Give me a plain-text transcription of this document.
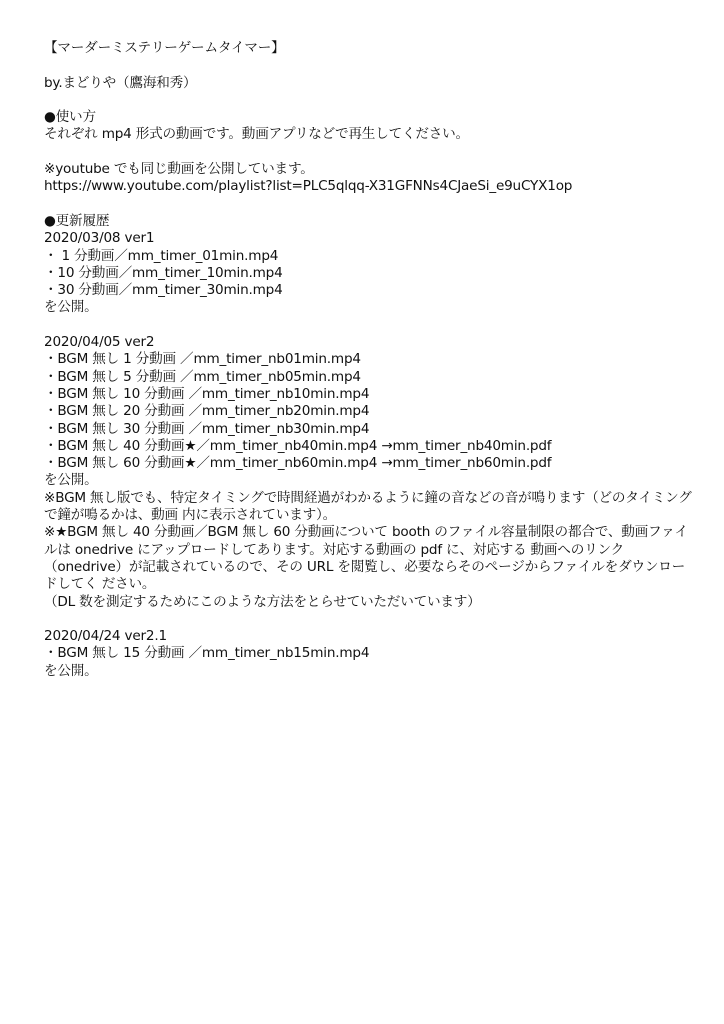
【マーダーミステリーゲームタイマー】
by.まどりや（鷹海和秀）
●使い方
それぞれ mp4 形式の動画です。動画アプリなどで再生してください。
※youtube でも同じ動画を公開しています。
https://www.youtube.com/playlist?list=PLC5qlqq-X31GFNNs4CJaeSi_e9uCYX1op
●更新履歴
2020/03/08 ver1
・ 1 分動画／mm_timer_01min.mp4
・10 分動画／mm_timer_10min.mp4
・30 分動画／mm_timer_30min.mp4
を公開。
2020/04/05 ver2
・BGM 無し 1 分動画 ／mm_timer_nb01min.mp4
・BGM 無し 5 分動画 ／mm_timer_nb05min.mp4
・BGM 無し 10 分動画 ／mm_timer_nb10min.mp4
・BGM 無し 20 分動画 ／mm_timer_nb20min.mp4
・BGM 無し 30 分動画 ／mm_timer_nb30min.mp4
・BGM 無し 40 分動画★／mm_timer_nb40min.mp4 →mm_timer_nb40min.pdf
・BGM 無し 60 分動画★／mm_timer_nb60min.mp4 →mm_timer_nb60min.pdf
を公開。
※BGM 無し版でも、特定タイミングで時間経過がわかるように鐘の音などの音が鳴ります（どのタイミングで鐘が鳴るかは、動画 内に表示されています）。
※★BGM 無し 40 分動画／BGM 無し 60 分動画について booth のファイル容量制限の都合で、動画ファイルは onedrive にアップロードしてあります。対応する動画の pdf に、対応する 動画へのリンク（onedrive）が記載されているので、その URL を閲覧し、必要ならそのページからファイルをダウンロードしてく ださい。
（DL 数を測定するためにこのような方法をとらせていただいています）
2020/04/24 ver2.1
・BGM 無し 15 分動画 ／mm_timer_nb15min.mp4
を公開。
